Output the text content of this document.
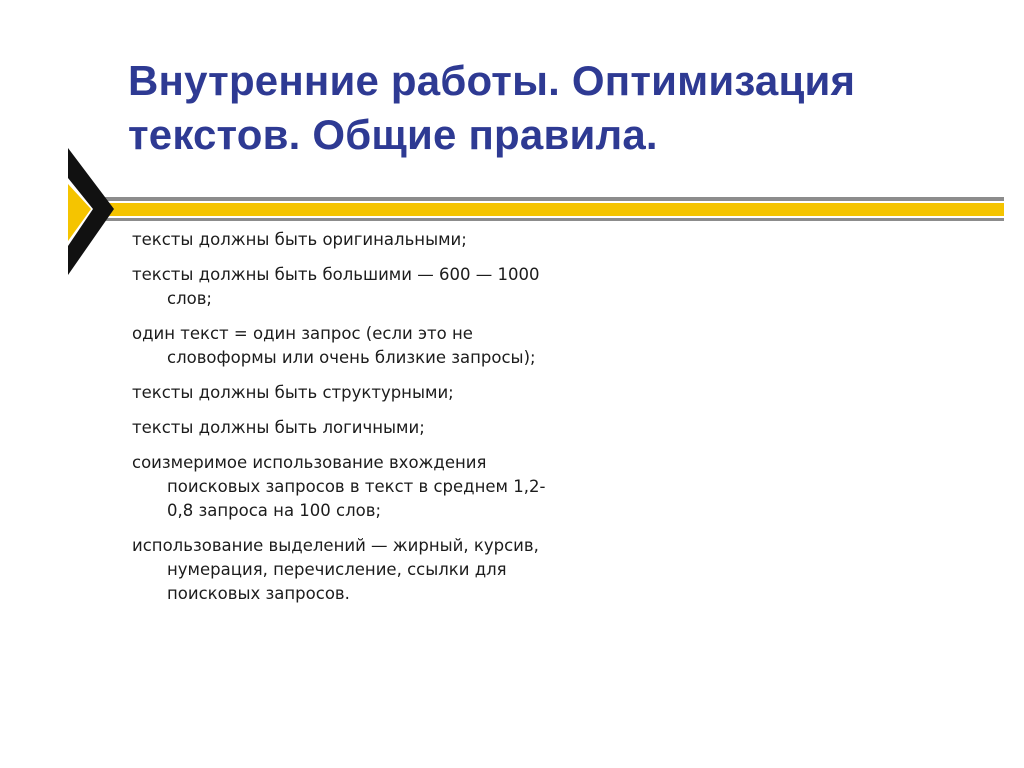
Внутренние работы. Оптимизация
текстов. Общие правила.
тексты должны быть оригинальными;
тексты должны быть большими — 600 — 1000 слов;
один текст = один запрос (если это не словоформы или очень близкие запросы);
тексты должны быть структурными;
тексты должны быть логичными;
соизмеримое использование вхождения поисковых запросов в текст в среднем 1,2-0,8 запроса на 100 слов;
использование выделений — жирный, курсив, нумерация, перечисление, ссылки для поисковых запросов.
